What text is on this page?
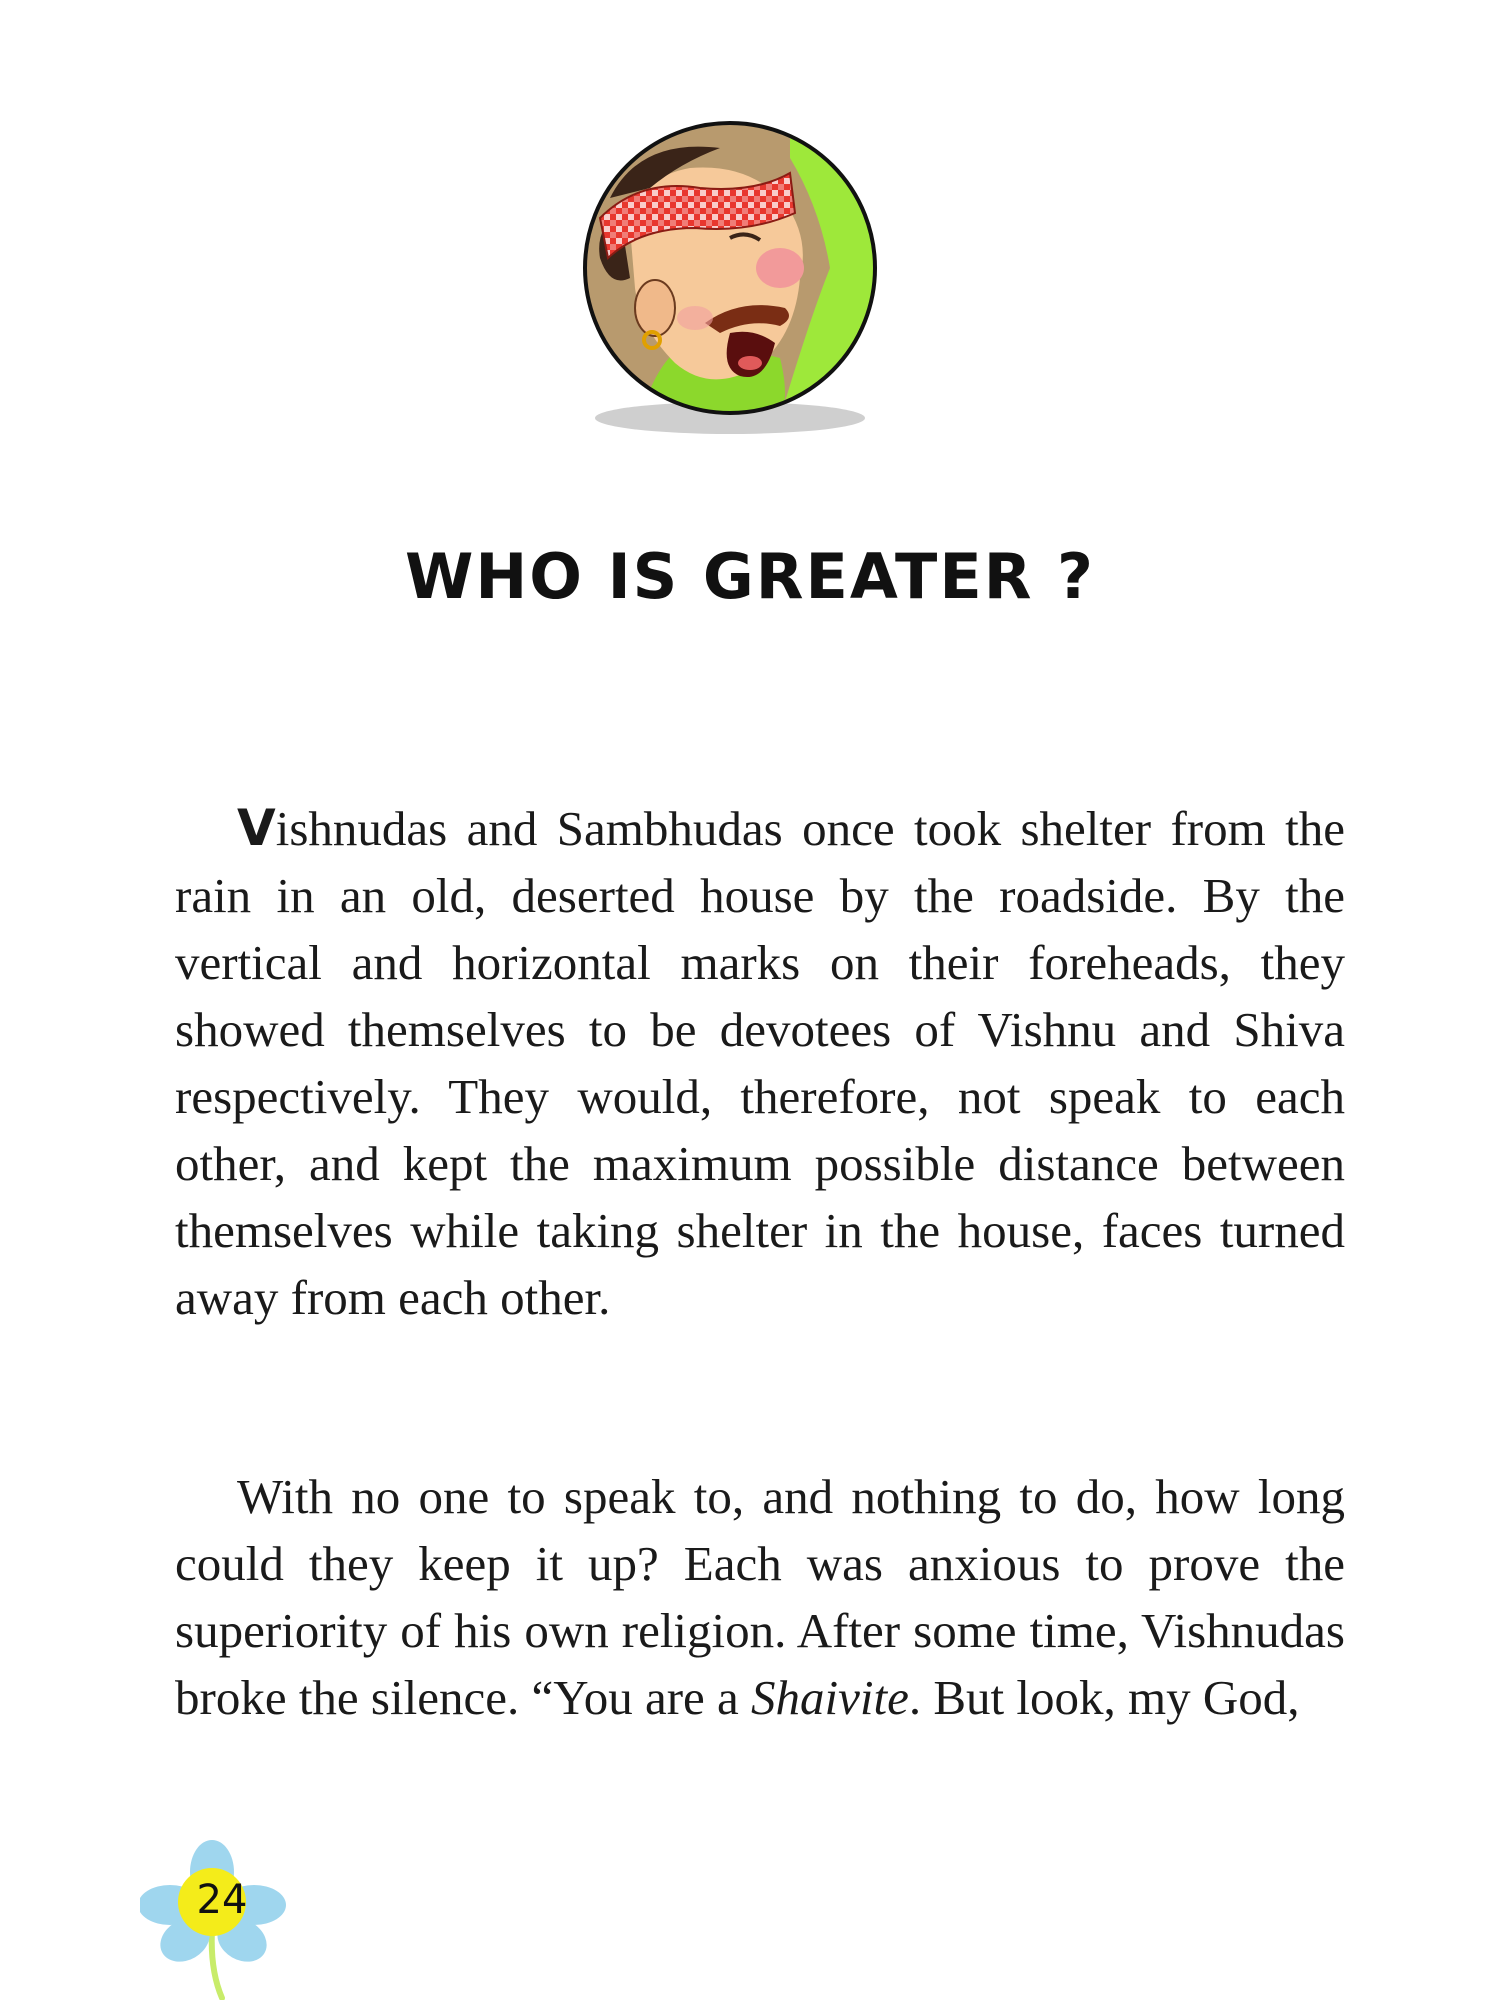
WHO IS GREATER ?

Vishnudas and Sambhudas once took shelter from the rain in an old, deserted house by the roadside. By the vertical and horizontal marks on their foreheads, they showed themselves to be devotees of Vishnu and Shiva respectively. They would, therefore, not speak to each other, and kept the maximum possible distance between themselves while taking shelter in the house, faces turned away from each other.

With no one to speak to, and nothing to do, how long could they keep it up? Each was anxious to prove the superiority of his own religion. After some time, Vishnudas broke the silence. “You are a Shaivite. But look, my God,

24
